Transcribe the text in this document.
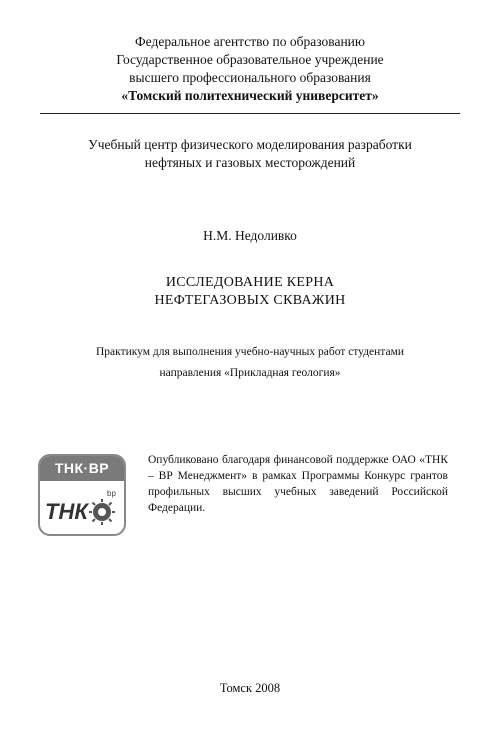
Федеральное агентство по образованию
Государственное образовательное учреждение
высшего профессионального образования
«Томский политехнический университет»
Учебный центр физического моделирования разработки
нефтяных и газовых месторождений
Н.М. Недоливко
ИССЛЕДОВАНИЕ КЕРНА
НЕФТЕГАЗОВЫХ СКВАЖИН
Практикум для выполнения учебно-научных работ студентами
направления «Прикладная геология»
ТНК·BP
ТНК
bp
Опубликовано благодаря финансовой поддержке ОАО «ТНК – ВР Менеджмент» в рамках Программы Конкурс грантов профильных высших учебных заведений Российской Федерации.
Томск 2008
